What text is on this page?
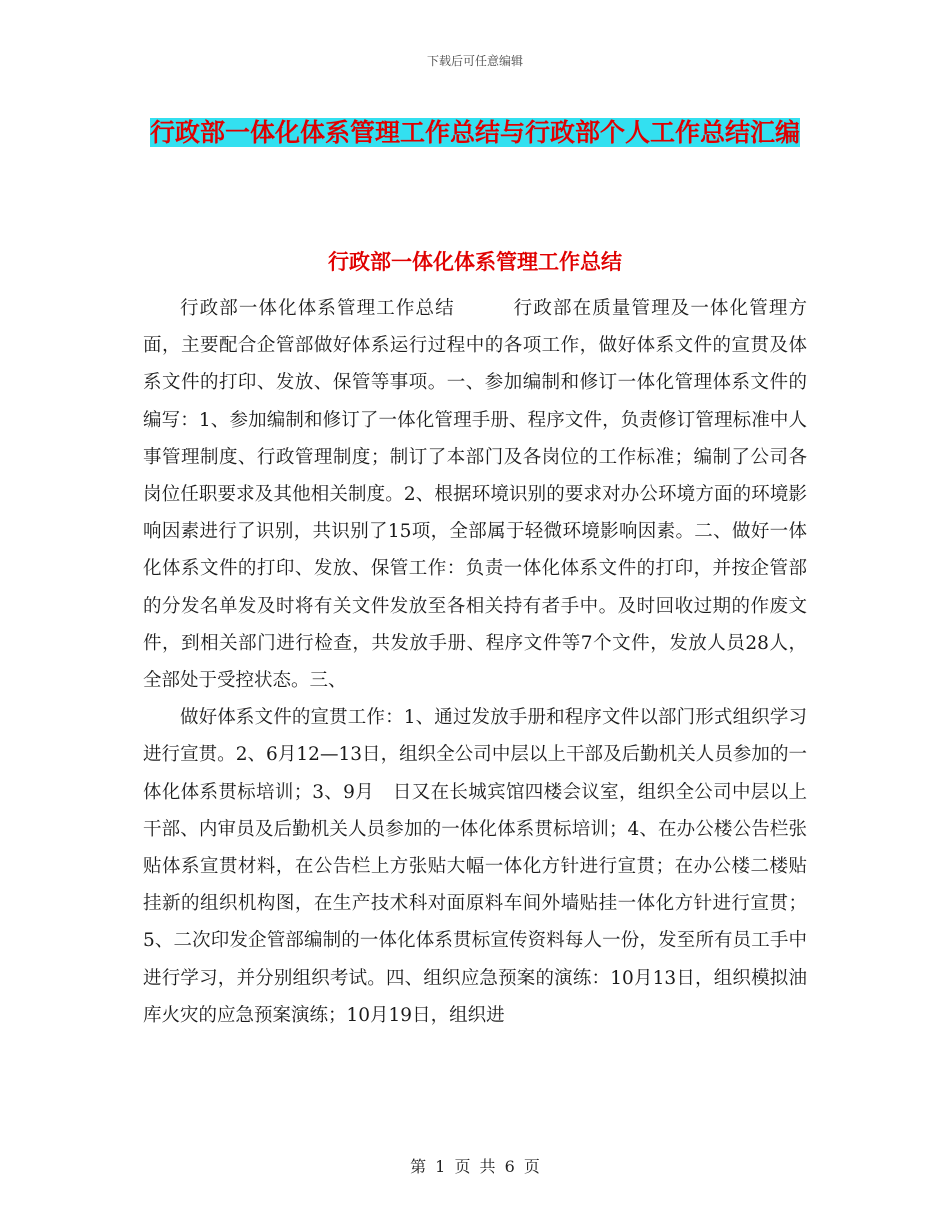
下载后可任意编辑
行政部一体化体系管理工作总结与行政部个人工作总结汇编
行政部一体化体系管理工作总结

行政部一体化体系管理工作总结　　　行政部在质量管理及一体化管理方面，主要配合企管部做好体系运行过程中的各项工作，做好体系文件的宣贯及体系文件的打印、发放、保管等事项。一、参加编制和修订一体化管理体系文件的编写：1、参加编制和修订了一体化管理手册、程序文件，负责修订管理标准中人事管理制度、行政管理制度；制订了本部门及各岗位的工作标准；编制了公司各岗位任职要求及其他相关制度。2、根据环境识别的要求对办公环境方面的环境影响因素进行了识别，共识别了15项，全部属于轻微环境影响因素。二、做好一体化体系文件的打印、发放、保管工作：负责一体化体系文件的打印，并按企管部的分发名单发及时将有关文件发放至各相关持有者手中。及时回收过期的作废文件，到相关部门进行检查，共发放手册、程序文件等7个文件，发放人员28人，全部处于受控状态。三、

做好体系文件的宣贯工作：1、通过发放手册和程序文件以部门形式组织学习进行宣贯。2、6月12—13日，组织全公司中层以上干部及后勤机关人员参加的一体化体系贯标培训；3、9月　日又在长城宾馆四楼会议室，组织全公司中层以上干部、内审员及后勤机关人员参加的一体化体系贯标培训；4、在办公楼公告栏张贴体系宣贯材料，在公告栏上方张贴大幅一体化方针进行宣贯；在办公楼二楼贴挂新的组织机构图，在生产技术科对面原料车间外墙贴挂一体化方针进行宣贯；5、二次印发企管部编制的一体化体系贯标宣传资料每人一份，发至所有员工手中进行学习，并分别组织考试。四、组织应急预案的演练：10月13日，组织模拟油库火灾的应急预案演练；10月19日，组织进

第 1 页 共 6 页
